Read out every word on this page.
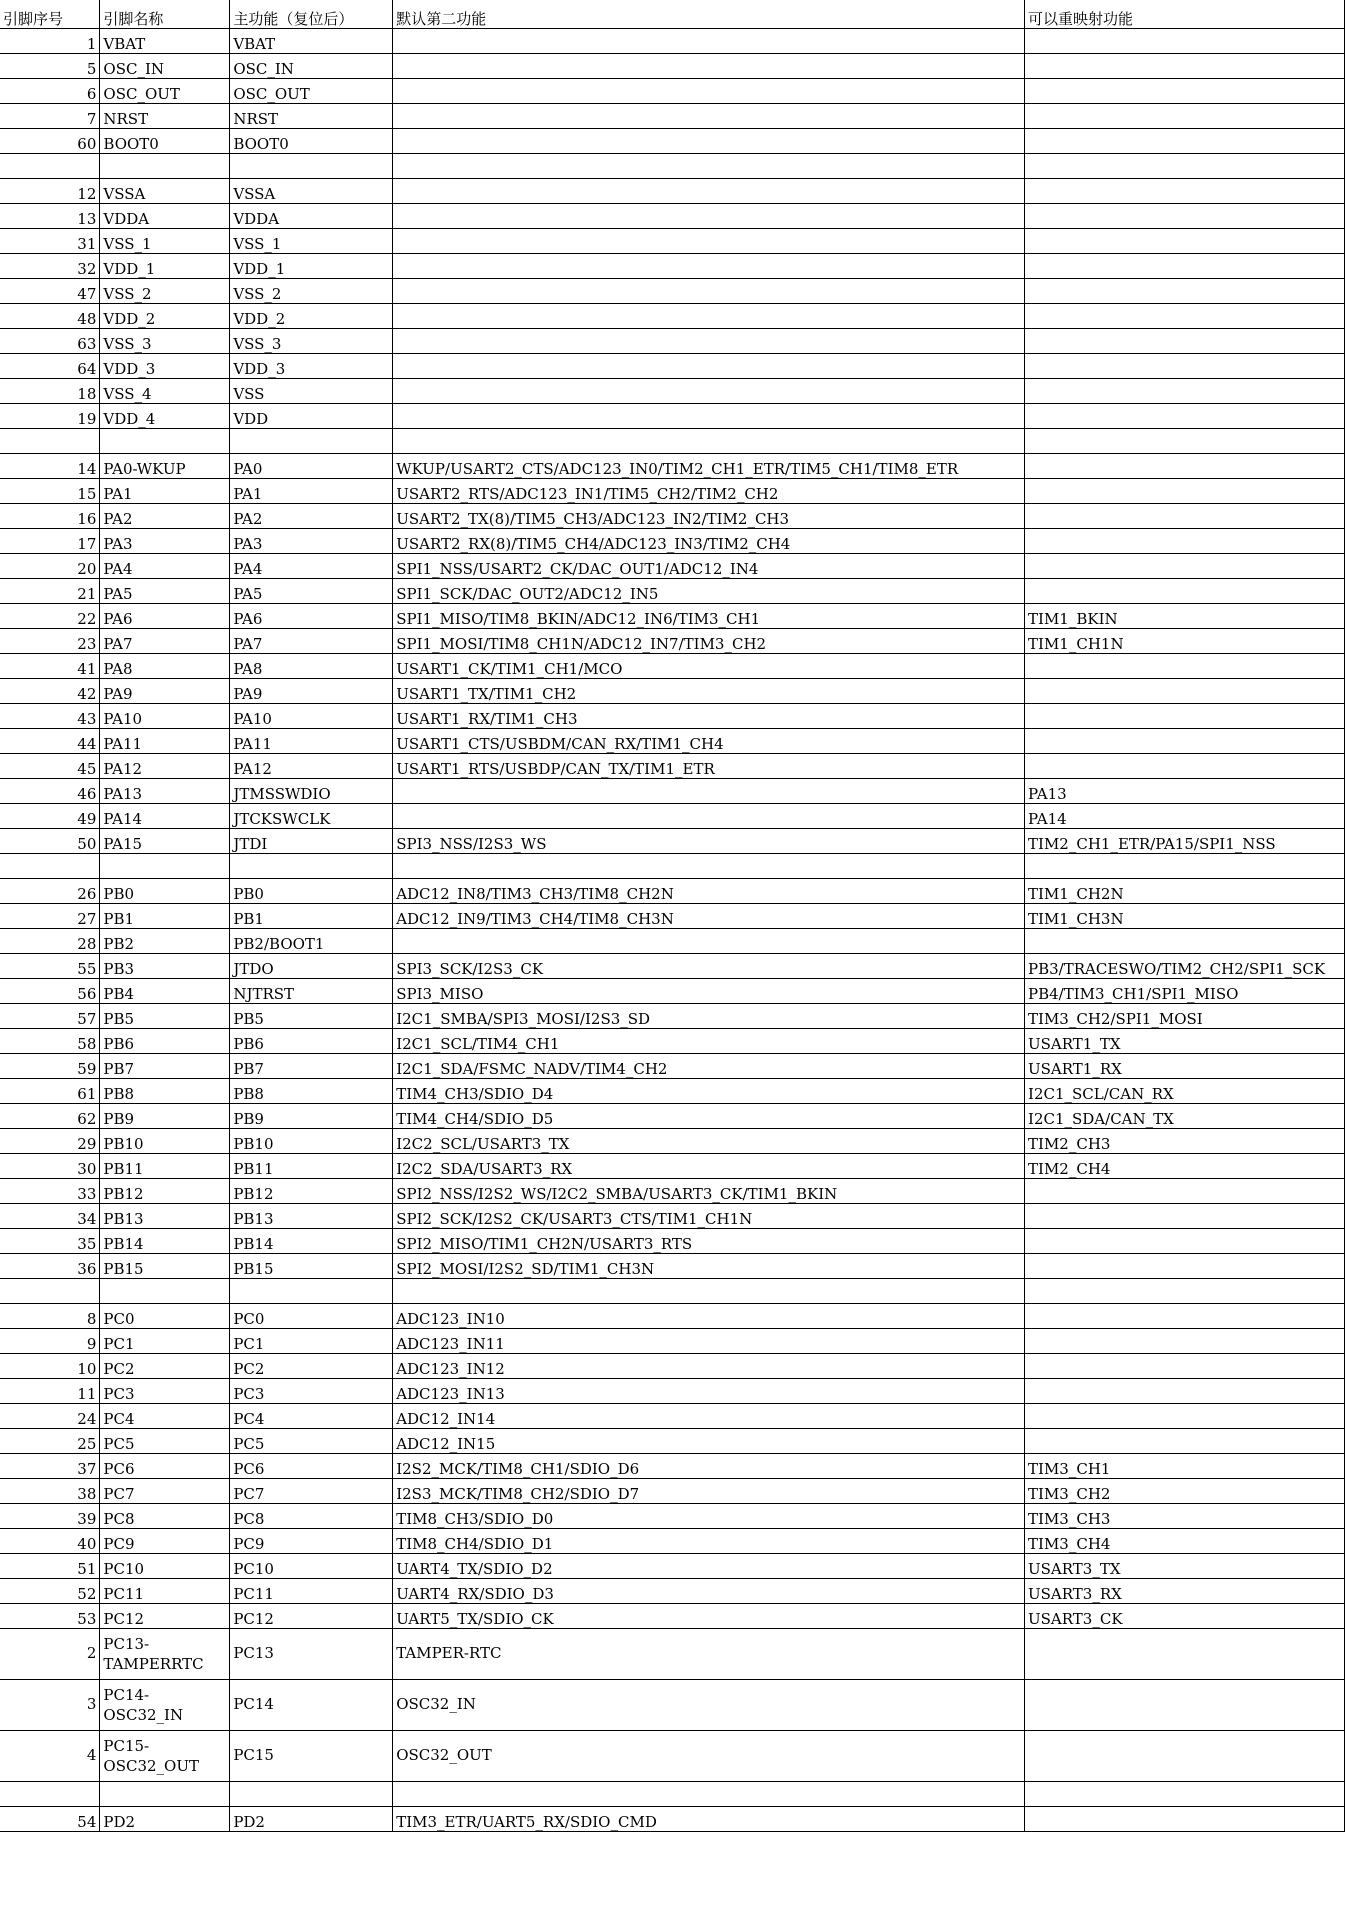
引脚序号	引脚名称	主功能（复位后）	默认第二功能	可以重映射功能
1	VBAT	VBAT		
5	OSC_IN	OSC_IN		
6	OSC_OUT	OSC_OUT		
7	NRST	NRST		
60	BOOT0	BOOT0		

12	VSSA	VSSA		
13	VDDA	VDDA		
31	VSS_1	VSS_1		
32	VDD_1	VDD_1		
47	VSS_2	VSS_2		
48	VDD_2	VDD_2		
63	VSS_3	VSS_3		
64	VDD_3	VDD_3		
18	VSS_4	VSS		
19	VDD_4	VDD		

14	PA0-WKUP	PA0	WKUP/USART2_CTS/ADC123_IN0/TIM2_CH1_ETR/TIM5_CH1/TIM8_ETR	
15	PA1	PA1	USART2_RTS/ADC123_IN1/TIM5_CH2/TIM2_CH2	
16	PA2	PA2	USART2_TX(8)/TIM5_CH3/ADC123_IN2/TIM2_CH3	
17	PA3	PA3	USART2_RX(8)/TIM5_CH4/ADC123_IN3/TIM2_CH4	
20	PA4	PA4	SPI1_NSS/USART2_CK/DAC_OUT1/ADC12_IN4	
21	PA5	PA5	SPI1_SCK/DAC_OUT2/ADC12_IN5	
22	PA6	PA6	SPI1_MISO/TIM8_BKIN/ADC12_IN6/TIM3_CH1	TIM1_BKIN
23	PA7	PA7	SPI1_MOSI/TIM8_CH1N/ADC12_IN7/TIM3_CH2	TIM1_CH1N
41	PA8	PA8	USART1_CK/TIM1_CH1/MCO	
42	PA9	PA9	USART1_TX/TIM1_CH2	
43	PA10	PA10	USART1_RX/TIM1_CH3	
44	PA11	PA11	USART1_CTS/USBDM/CAN_RX/TIM1_CH4	
45	PA12	PA12	USART1_RTS/USBDP/CAN_TX/TIM1_ETR	
46	PA13	JTMSSWDIO		PA13
49	PA14	JTCKSWCLK		PA14
50	PA15	JTDI	SPI3_NSS/I2S3_WS	TIM2_CH1_ETR/PA15/SPI1_NSS

26	PB0	PB0	ADC12_IN8/TIM3_CH3/TIM8_CH2N	TIM1_CH2N
27	PB1	PB1	ADC12_IN9/TIM3_CH4/TIM8_CH3N	TIM1_CH3N
28	PB2	PB2/BOOT1		
55	PB3	JTDO	SPI3_SCK/I2S3_CK	PB3/TRACESWO/TIM2_CH2/SPI1_SCK
56	PB4	NJTRST	SPI3_MISO	PB4/TIM3_CH1/SPI1_MISO
57	PB5	PB5	I2C1_SMBA/SPI3_MOSI/I2S3_SD	TIM3_CH2/SPI1_MOSI
58	PB6	PB6	I2C1_SCL/TIM4_CH1	USART1_TX
59	PB7	PB7	I2C1_SDA/FSMC_NADV/TIM4_CH2	USART1_RX
61	PB8	PB8	TIM4_CH3/SDIO_D4	I2C1_SCL/CAN_RX
62	PB9	PB9	TIM4_CH4/SDIO_D5	I2C1_SDA/CAN_TX
29	PB10	PB10	I2C2_SCL/USART3_TX	TIM2_CH3
30	PB11	PB11	I2C2_SDA/USART3_RX	TIM2_CH4
33	PB12	PB12	SPI2_NSS/I2S2_WS/I2C2_SMBA/USART3_CK/TIM1_BKIN	
34	PB13	PB13	SPI2_SCK/I2S2_CK/USART3_CTS/TIM1_CH1N	
35	PB14	PB14	SPI2_MISO/TIM1_CH2N/USART3_RTS	
36	PB15	PB15	SPI2_MOSI/I2S2_SD/TIM1_CH3N	

8	PC0	PC0	ADC123_IN10	
9	PC1	PC1	ADC123_IN11	
10	PC2	PC2	ADC123_IN12	
11	PC3	PC3	ADC123_IN13	
24	PC4	PC4	ADC12_IN14	
25	PC5	PC5	ADC12_IN15	
37	PC6	PC6	I2S2_MCK/TIM8_CH1/SDIO_D6	TIM3_CH1
38	PC7	PC7	I2S3_MCK/TIM8_CH2/SDIO_D7	TIM3_CH2
39	PC8	PC8	TIM8_CH3/SDIO_D0	TIM3_CH3
40	PC9	PC9	TIM8_CH4/SDIO_D1	TIM3_CH4
51	PC10	PC10	UART4_TX/SDIO_D2	USART3_TX
52	PC11	PC11	UART4_RX/SDIO_D3	USART3_RX
53	PC12	PC12	UART5_TX/SDIO_CK	USART3_CK
2	PC13-TAMPERRTC	PC13	TAMPER-RTC	
3	PC14-OSC32_IN	PC14	OSC32_IN	
4	PC15-OSC32_OUT	PC15	OSC32_OUT	

54	PD2	PD2	TIM3_ETR/UART5_RX/SDIO_CMD	
